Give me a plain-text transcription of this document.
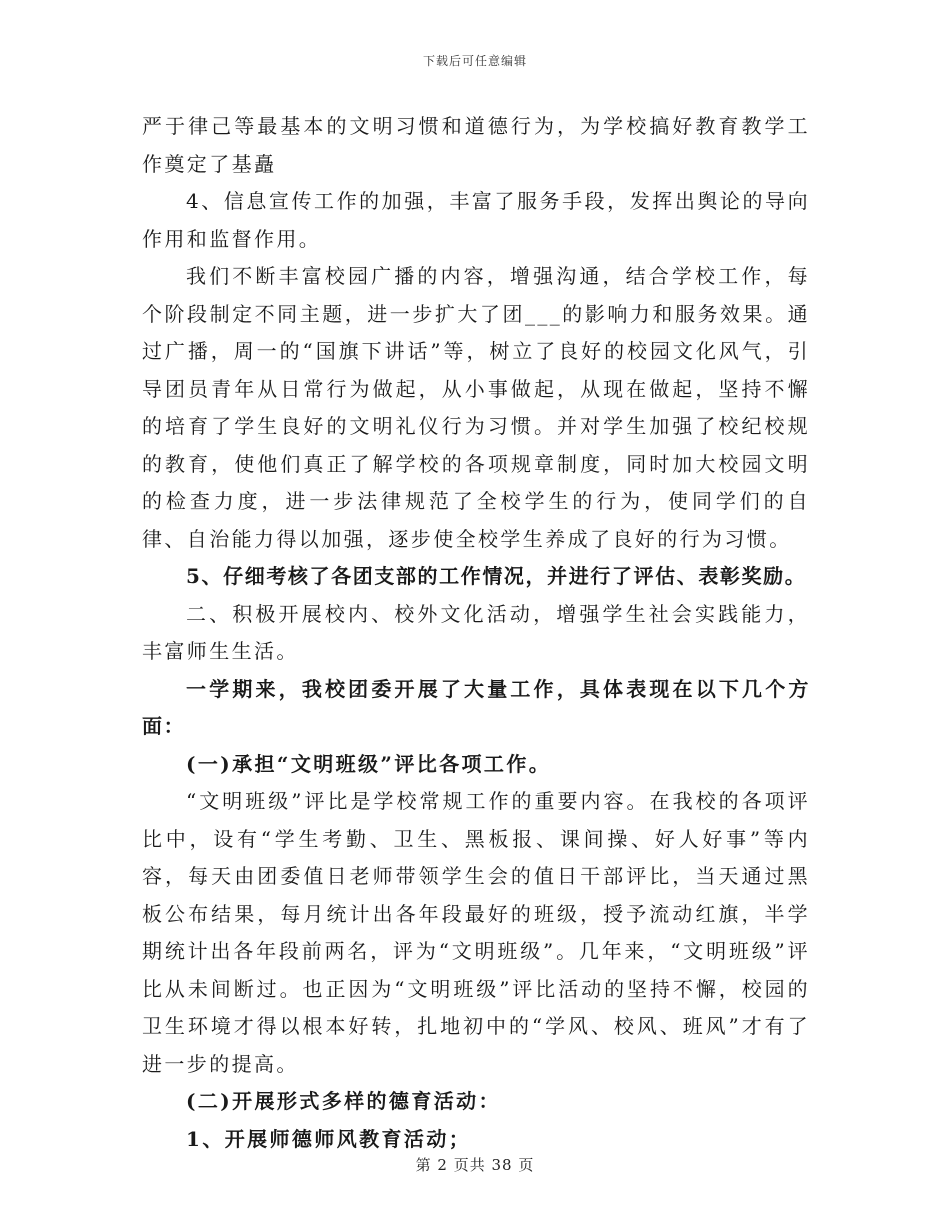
下载后可任意编辑

严于律己等最基本的文明习惯和道德行为，为学校搞好教育教学工作奠定了基矗

4、信息宣传工作的加强，丰富了服务手段，发挥出舆论的导向作用和监督作用。

我们不断丰富校园广播的内容，增强沟通，结合学校工作，每个阶段制定不同主题，进一步扩大了团___的影响力和服务效果。通过广播，周一的“国旗下讲话”等，树立了良好的校园文化风气，引导团员青年从日常行为做起，从小事做起，从现在做起，坚持不懈的培育了学生良好的文明礼仪行为习惯。并对学生加强了校纪校规的教育，使他们真正了解学校的各项规章制度，同时加大校园文明的检查力度，进一步法律规范了全校学生的行为，使同学们的自律、自治能力得以加强，逐步使全校学生养成了良好的行为习惯。

5、仔细考核了各团支部的工作情况，并进行了评估、表彰奖励。

二、积极开展校内、校外文化活动，增强学生社会实践能力，丰富师生生活。

一学期来，我校团委开展了大量工作，具体表现在以下几个方面：

(一)承担“文明班级”评比各项工作。

“文明班级”评比是学校常规工作的重要内容。在我校的各项评比中，设有“学生考勤、卫生、黑板报、课间操、好人好事”等内容，每天由团委值日老师带领学生会的值日干部评比，当天通过黑板公布结果，每月统计出各年段最好的班级，授予流动红旗，半学期统计出各年段前两名，评为“文明班级”。几年来，“文明班级”评比从未间断过。也正因为“文明班级”评比活动的坚持不懈，校园的卫生环境才得以根本好转，扎地初中的“学风、校风、班风”才有了进一步的提高。

(二)开展形式多样的德育活动：

1、开展师德师风教育活动；

第 2 页共 38 页
